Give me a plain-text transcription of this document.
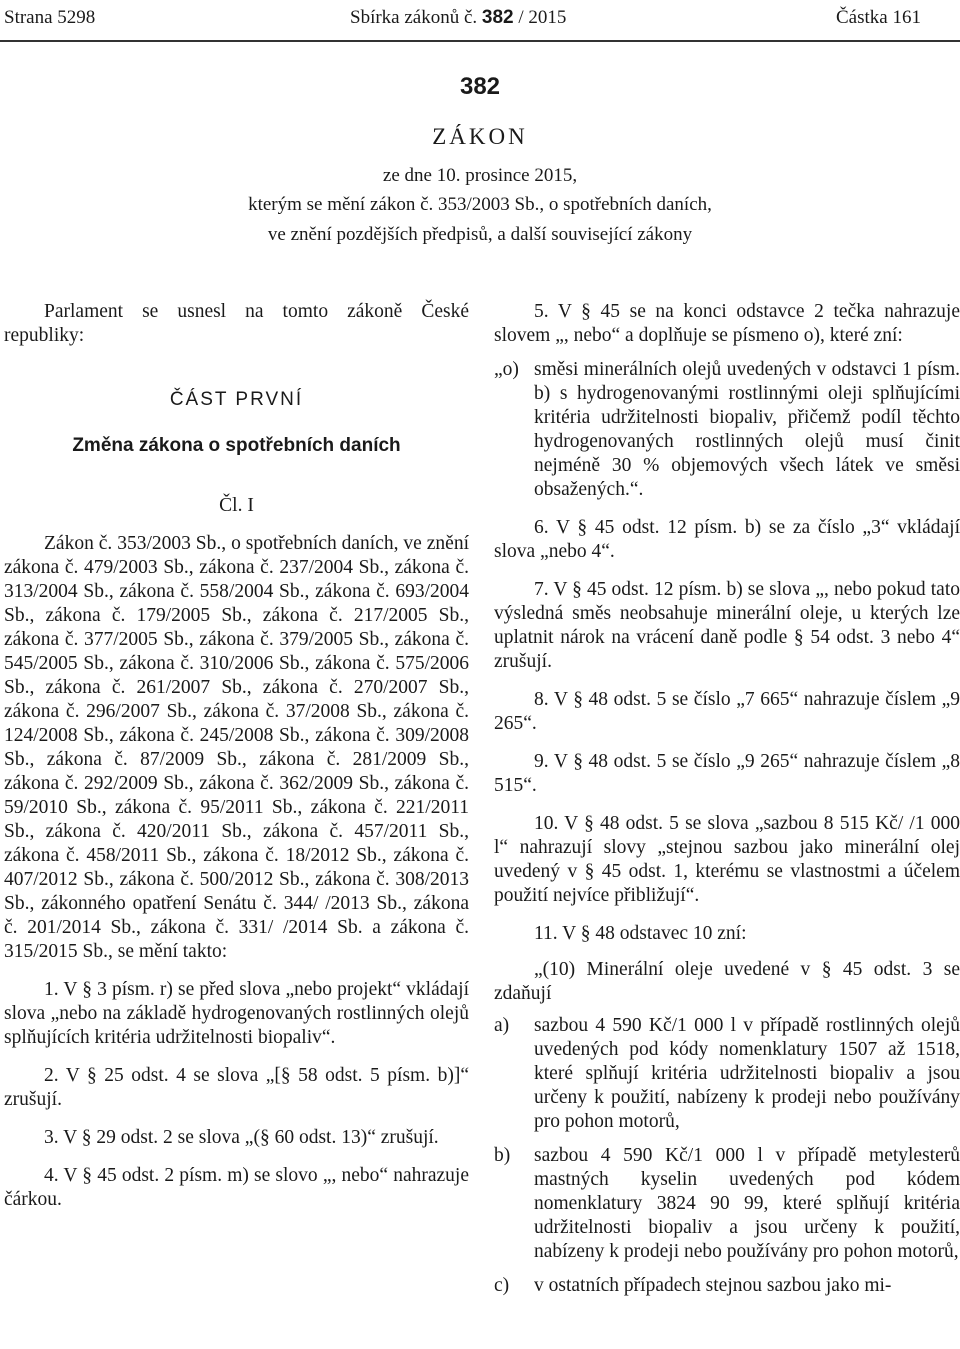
Strana 5298	Sbírka zákonů č. 382 / 2015	Částka 161
382
ZÁKON
ze dne 10. prosince 2015,
kterým se mění zákon č. 353/2003 Sb., o spotřebních daních,
ve znění pozdějších předpisů, a další související zákony

Parlament se usnesl na tomto zákoně České republiky:

ČÁST PRVNÍ

Změna zákona o spotřebních daních

Čl. I

Zákon č. 353/2003 Sb., o spotřebních daních, ve znění zákona č. 479/2003 Sb., zákona č. 237/2004 Sb., zákona č. 313/2004 Sb., zákona č. 558/2004 Sb., zákona č. 693/2004 Sb., zákona č. 179/2005 Sb., zákona č. 217/2005 Sb., zákona č. 377/2005 Sb., zákona č. 379/2005 Sb., zákona č. 545/2005 Sb., zákona č. 310/2006 Sb., zákona č. 575/2006 Sb., zákona č. 261/2007 Sb., zákona č. 270/2007 Sb., zákona č. 296/2007 Sb., zákona č. 37/2008 Sb., zákona č. 124/2008 Sb., zákona č. 245/2008 Sb., zákona č. 309/2008 Sb., zákona č. 87/2009 Sb., zákona č. 281/2009 Sb., zákona č. 292/2009 Sb., zákona č. 362/2009 Sb., zákona č. 59/2010 Sb., zákona č. 95/2011 Sb., zákona č. 221/2011 Sb., zákona č. 420/2011 Sb., zákona č. 457/2011 Sb., zákona č. 458/2011 Sb., zákona č. 18/2012 Sb., zákona č. 407/2012 Sb., zákona č. 500/2012 Sb., zákona č. 308/2013 Sb., zákonného opatření Senátu č. 344/ /2013 Sb., zákona č. 201/2014 Sb., zákona č. 331/ /2014 Sb. a zákona č. 315/2015 Sb., se mění takto:

1. V § 3 písm. r) se před slova „nebo projekt“ vkládají slova „nebo na základě hydrogenovaných rostlinných olejů splňujících kritéria udržitelnosti biopaliv“.

2. V § 25 odst. 4 se slova „[§ 58 odst. 5 písm. b)]“ zrušují.

3. V § 29 odst. 2 se slova „(§ 60 odst. 13)“ zrušují.

4. V § 45 odst. 2 písm. m) se slovo „, nebo“ nahrazuje čárkou.

5. V § 45 se na konci odstavce 2 tečka nahrazuje slovem „, nebo“ a doplňuje se písmeno o), které zní:

„o) směsi minerálních olejů uvedených v odstavci 1 písm. b) s hydrogenovanými rostlinnými oleji splňujícími kritéria udržitelnosti biopaliv, přičemž podíl těchto hydrogenovaných rostlinných olejů musí činit nejméně 30 % objemových všech látek ve směsi obsažených.“.

6. V § 45 odst. 12 písm. b) se za číslo „3“ vkládají slova „nebo 4“.

7. V § 45 odst. 12 písm. b) se slova „, nebo pokud tato výsledná směs neobsahuje minerální oleje, u kterých lze uplatnit nárok na vrácení daně podle § 54 odst. 3 nebo 4“ zrušují.

8. V § 48 odst. 5 se číslo „7 665“ nahrazuje číslem „9 265“.

9. V § 48 odst. 5 se číslo „9 265“ nahrazuje číslem „8 515“.

10. V § 48 odst. 5 se slova „sazbou 8 515 Kč/ /1 000 l“ nahrazují slovy „stejnou sazbou jako minerální olej uvedený v § 45 odst. 1, kterému se vlastnostmi a účelem použití nejvíce přibližují“.

11. V § 48 odstavec 10 zní:

„(10) Minerální oleje uvedené v § 45 odst. 3 se zdaňují

a)	sazbou 4 590 Kč/1 000 l v případě rostlinných olejů uvedených pod kódy nomenklatury 1507 až 1518, které splňují kritéria udržitelnosti biopaliv a jsou určeny k použití, nabízeny k prodeji nebo používány pro pohon motorů,
b)	sazbou 4 590 Kč/1 000 l v případě metylesterů mastných kyselin uvedených pod kódem nomenklatury 3824 90 99, které splňují kritéria udržitelnosti biopaliv a jsou určeny k použití, nabízeny k prodeji nebo používány pro pohon motorů,
c)	v ostatních případech stejnou sazbou jako mi-
